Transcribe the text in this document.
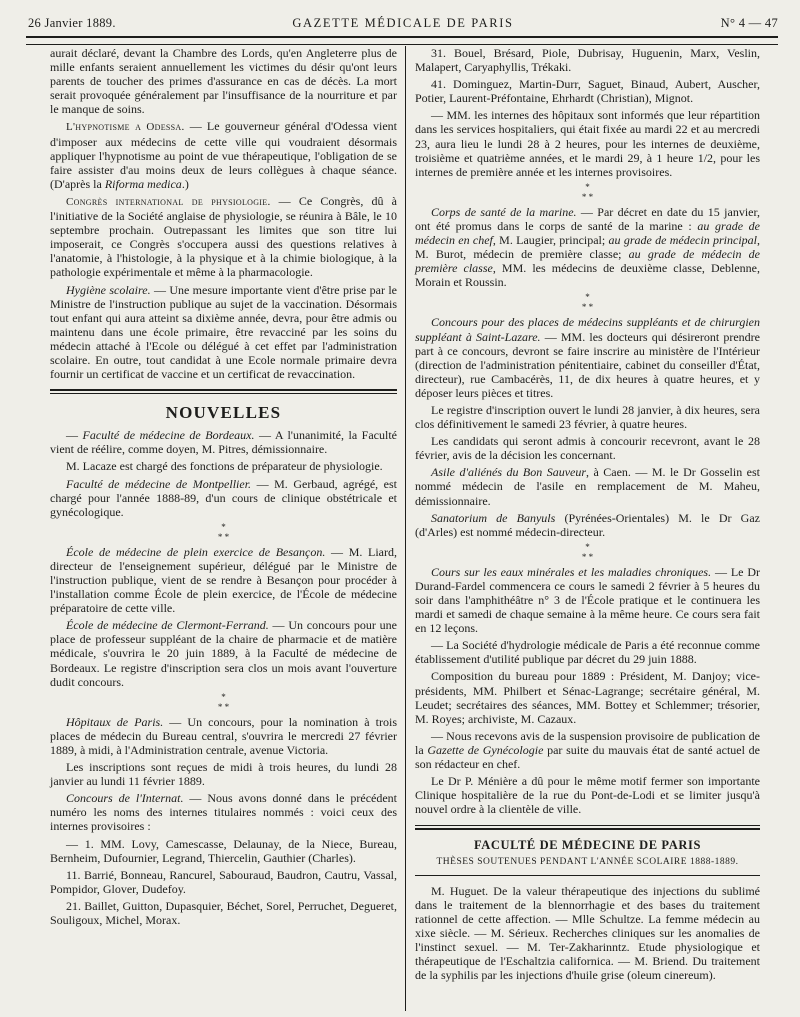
26 Janvier 1889.	GAZETTE MÉDICALE DE PARIS	N° 4 — 47

aurait déclaré, devant la Chambre des Lords, qu'en Angleterre plus de mille enfants seraient annuellement les victimes du désir qu'ont leurs parents de toucher des primes d'assurance en cas de décès. La mort serait provoquée généralement par l'insuffisance de la nourriture et par le manque de soins.

L'hypnotisme a Odessa. — Le gouverneur général d'Odessa vient d'imposer aux médecins de cette ville qui voudraient désormais appliquer l'hypnotisme au point de vue thérapeutique, l'obligation de se faire assister d'au moins deux de leurs collègues à chaque séance. (D'après la Riforma medica.)

Congrès international de physiologie. — Ce Congrès, dû à l'initiative de la Société anglaise de physiologie, se réunira à Bâle, le 10 septembre prochain. Outrepassant les limites que son titre lui imposerait, ce Congrès s'occupera aussi des questions relatives à l'anatomie, à l'histologie, à la physique et à la chimie biologique, à la pathologie expérimentale et même à la pharmacologie.

Hygiène scolaire. — Une mesure importante vient d'être prise par le Ministre de l'instruction publique au sujet de la vaccination. Désormais tout enfant qui aura atteint sa dixième année, devra, pour être admis ou maintenu dans une école primaire, être revacciné par les soins du médecin attaché à l'Ecole ou délégué à cet effet par l'administration scolaire. En outre, tout candidat à une Ecole normale primaire devra fournir un certificat de vaccine et un certificat de revaccination.

NOUVELLES

— Faculté de médecine de Bordeaux. — A l'unanimité, la Faculté vient de réélire, comme doyen, M. Pitres, démissionnaire.

M. Lacaze est chargé des fonctions de préparateur de physiologie.

Faculté de médecine de Montpellier. — M. Gerbaud, agrégé, est chargé pour l'année 1888-89, d'un cours de clinique obstétricale et gynécologique.

*
* *

École de médecine de plein exercice de Besançon. — M. Liard, directeur de l'enseignement supérieur, délégué par le Ministre de l'instruction publique, vient de se rendre à Besançon pour procéder à l'installation comme École de plein exercice, de l'École de médecine préparatoire de cette ville.

École de médecine de Clermont-Ferrand. — Un concours pour une place de professeur suppléant de la chaire de pharmacie et de matière médicale, s'ouvrira le 20 juin 1889, à la Faculté de médecine de Bordeaux. Le registre d'inscription sera clos un mois avant l'ouverture dudit concours.

*
* *

Hôpitaux de Paris. — Un concours, pour la nomination à trois places de médecin du Bureau central, s'ouvrira le mercredi 27 février 1889, à midi, à l'Administration centrale, avenue Victoria.

Les inscriptions sont reçues de midi à trois heures, du lundi 28 janvier au lundi 11 février 1889.

Concours de l'Internat. — Nous avons donné dans le précédent numéro les noms des internes titulaires nommés : voici ceux des internes provisoires :

— 1. MM. Lovy, Camescasse, Delaunay, de la Niece, Bureau, Bernheim, Dufournier, Legrand, Thiercelin, Gauthier (Charles).

11. Barrié, Bonneau, Rancurel, Sabouraud, Baudron, Cautru, Vassal, Pompidor, Glover, Dudefoy.

21. Baillet, Guitton, Dupasquier, Béchet, Sorel, Perruchet, Degueret, Souligoux, Michel, Morax.

31. Bouel, Brésard, Piole, Dubrisay, Huguenin, Marx, Veslin, Malapert, Caryaphyllis, Trékaki.

41. Dominguez, Martin-Durr, Saguet, Binaud, Aubert, Auscher, Potier, Laurent-Préfontaine, Ehrhardt (Christian), Mignot.

— MM. les internes des hôpitaux sont informés que leur répartition dans les services hospitaliers, qui était fixée au mardi 22 et au mercredi 23, aura lieu le lundi 28 à 2 heures, pour les internes de deuxième, troisième et quatrième années, et le mardi 29, à 1 heure 1/2, pour les internes de première année et les internes provisoires.

*
* *

Corps de santé de la marine. — Par décret en date du 15 janvier, ont été promus dans le corps de santé de la marine : au grade de médecin en chef, M. Laugier, principal; au grade de médecin principal, M. Burot, médecin de première classe; au grade de médecin de première classe, MM. les médecins de deuxième classe, Deblenne, Morain et Roussin.

*
* *

Concours pour des places de médecins suppléants et de chirurgien suppléant à Saint-Lazare. — MM. les docteurs qui désireront prendre part à ce concours, devront se faire inscrire au ministère de l'Intérieur (direction de l'administration pénitentiaire, cabinet du conseiller d'État, directeur), rue Cambacérès, 11, de dix heures à quatre heures, et y déposer leurs pièces et titres.

Le registre d'inscription ouvert le lundi 28 janvier, à dix heures, sera clos définitivement le samedi 23 février, à quatre heures.

Les candidats qui seront admis à concourir recevront, avant le 28 février, avis de la décision les concernant.

Asile d'aliénés du Bon Sauveur, à Caen. — M. le Dr Gosselin est nommé médecin de l'asile en remplacement de M. Maheu, démissionnaire.

Sanatorium de Banyuls (Pyrénées-Orientales) M. le Dr Gaz (d'Arles) est nommé médecin-directeur.

*
* *

Cours sur les eaux minérales et les maladies chroniques. — Le Dr Durand-Fardel commencera ce cours le samedi 2 février à 5 heures du soir dans l'amphithéâtre n° 3 de l'École pratique et le continuera les mardi et samedi de chaque semaine à la même heure. Ce cours sera fait en 12 leçons.

— La Société d'hydrologie médicale de Paris a été reconnue comme établissement d'utilité publique par décret du 29 juin 1888.

Composition du bureau pour 1889 : Président, M. Danjoy; vice-présidents, MM. Philbert et Sénac-Lagrange; secrétaire général, M. Leudet; secrétaires des séances, MM. Bottey et Schlemmer; trésorier, M. Royes; archiviste, M. Cazaux.

— Nous recevons avis de la suspension provisoire de publication de la Gazette de Gynécologie par suite du mauvais état de santé actuel de son rédacteur en chef.

Le Dr P. Ménière a dû pour le même motif fermer son importante Clinique hospitalière de la rue du Pont-de-Lodi et se limiter jusqu'à nouvel ordre à la clientèle de ville.

FACULTÉ DE MÉDECINE DE PARIS
THÈSES SOUTENUES PENDANT L'ANNÉE SCOLAIRE 1888-1889.

M. Huguet. De la valeur thérapeutique des injections du sublimé dans le traitement de la blennorrhagie et des bases du traitement rationnel de cette affection. — Mlle Schultze. La femme médecin au xixe siècle. — M. Sérieux. Recherches cliniques sur les anomalies de l'instinct sexuel. — M. Ter-Zakharinntz. Etude physiologique et thérapeutique de l'Eschaltzia californica. — M. Briend. Du traitement de la syphilis par les injections d'huile grise (oleum cinereum).
